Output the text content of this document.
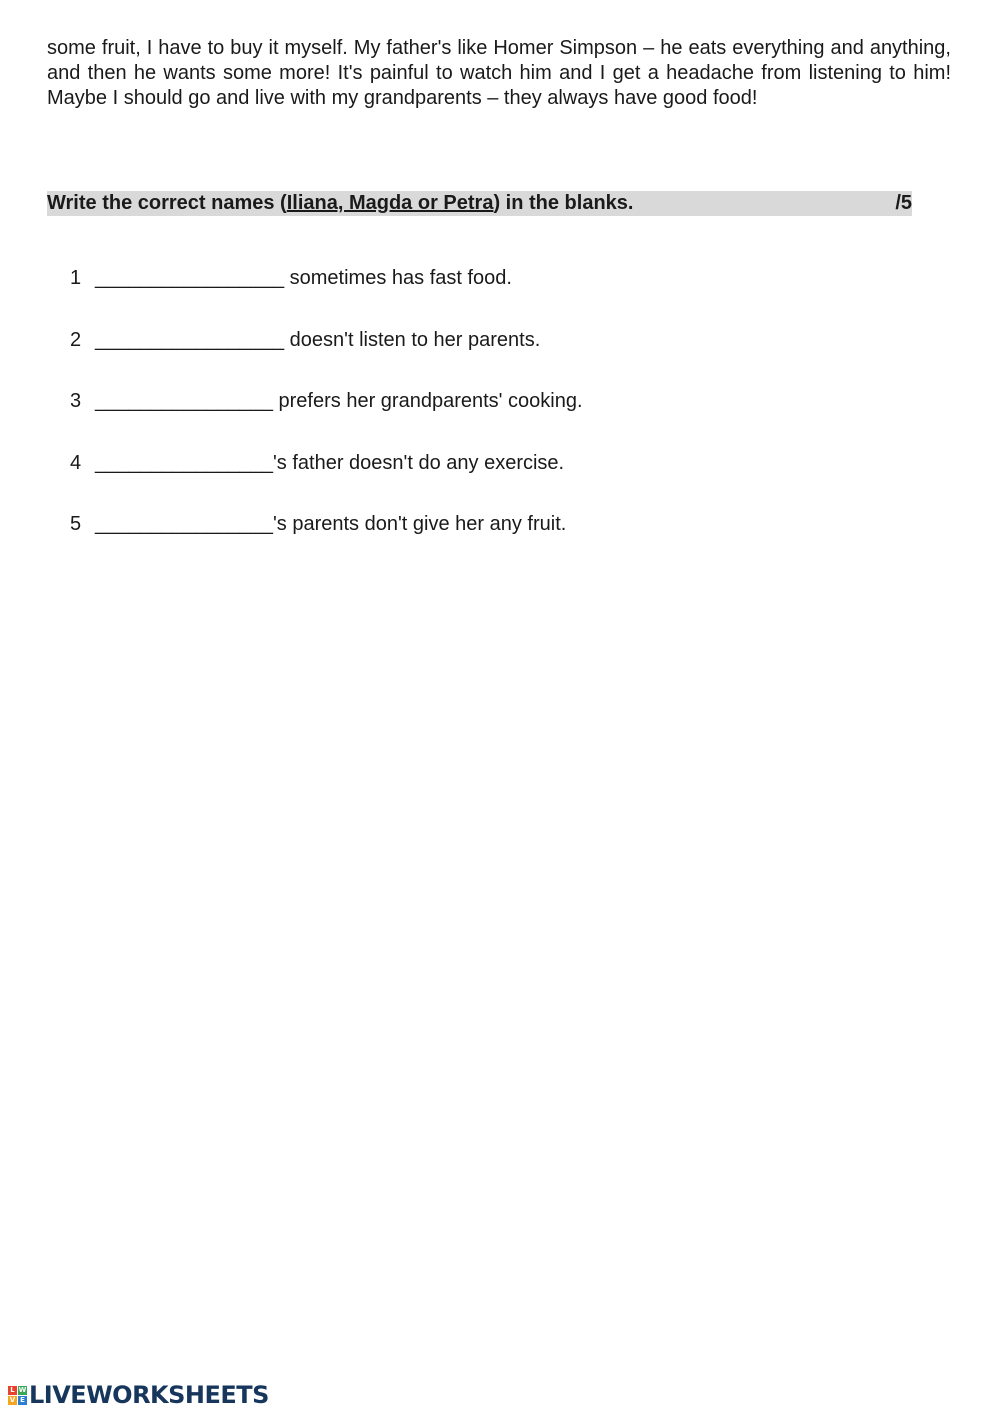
some fruit, I have to buy it myself. My father's like Homer Simpson – he eats everything and anything, and then he wants some more! It's painful to watch him and I get a headache from listening to him! Maybe I should go and live with my grandparents – they always have good food!

Write the correct names (Iliana, Magda or Petra) in the blanks.	/5
1 _________________ sometimes has fast food.
2 _________________ doesn't listen to her parents.
3 ________________ prefers her grandparents' cooking.
4 ________________'s father doesn't do any exercise.
5 ________________'s parents don't give her any fruit.
L W
V E LIVEWORKSHEETS
